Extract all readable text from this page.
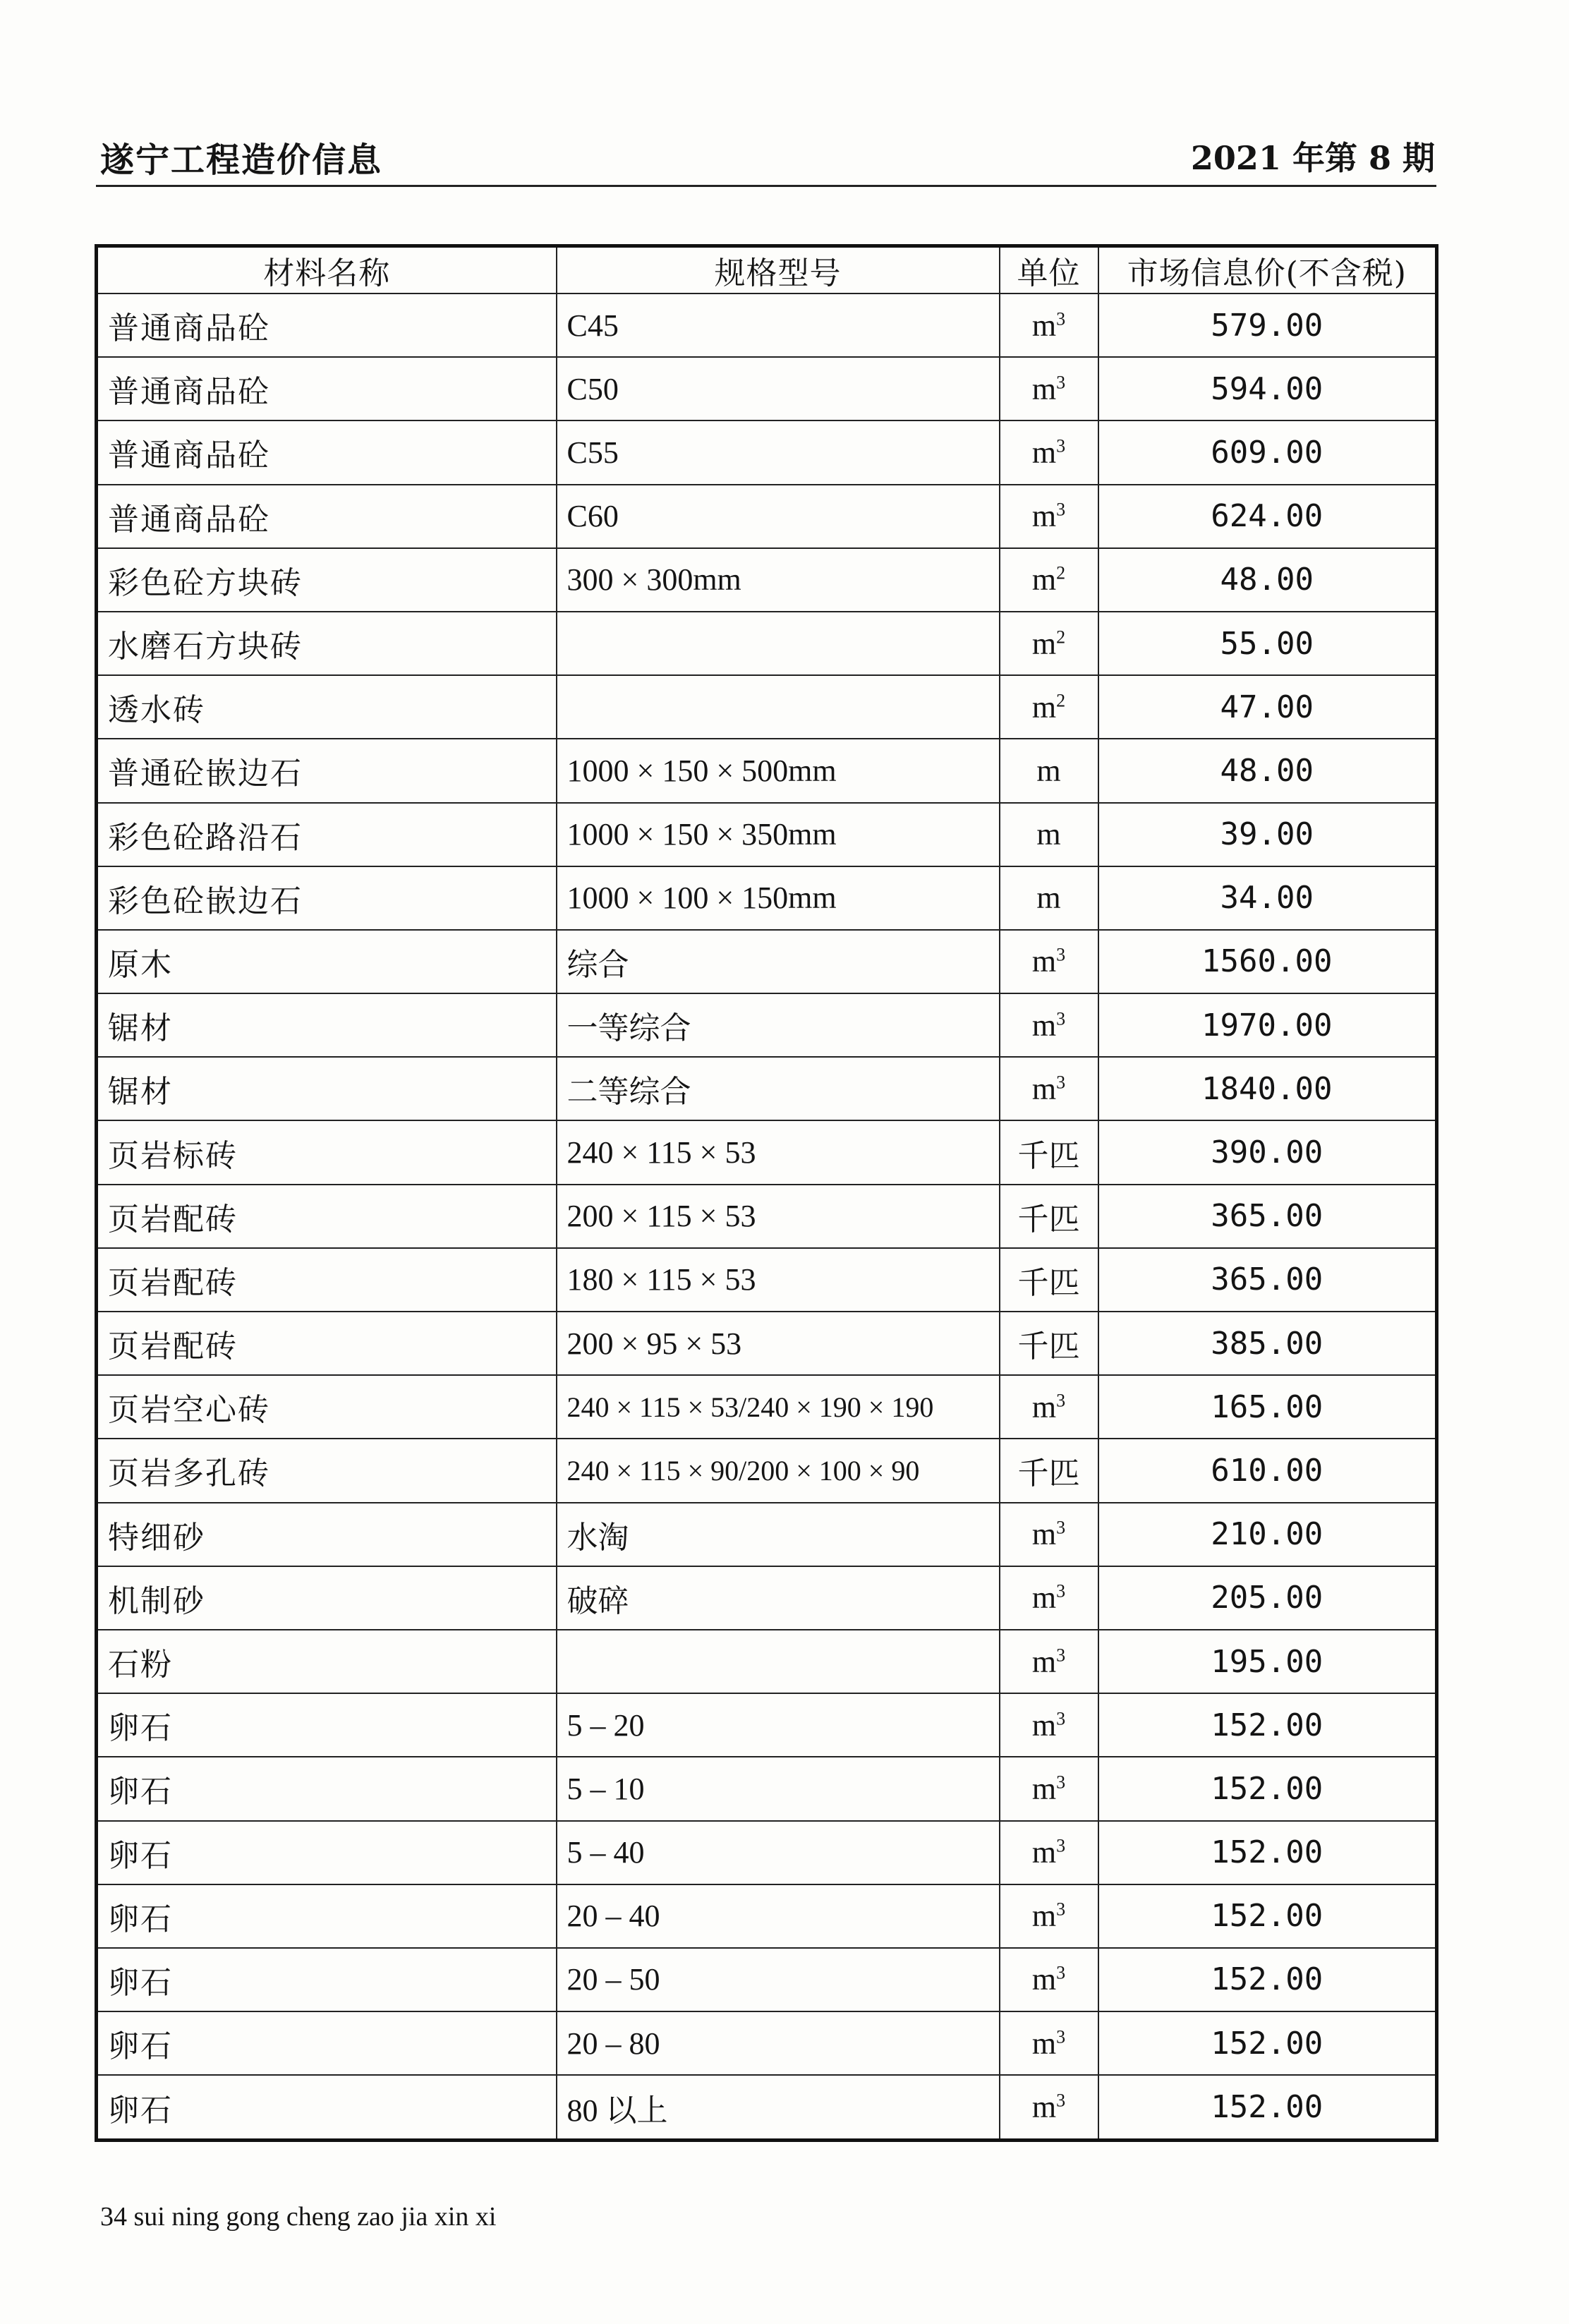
遂宁工程造价信息	2021 年第 8 期
材料名称	规格型号	单位	市场信息价(不含税)
普通商品砼	C45	$m^3$	579.00
普通商品砼	C50	$m^3$	594.00
普通商品砼	C55	$m^3$	609.00
普通商品砼	C60	$m^3$	624.00
彩色砼方块砖	300 × 300mm	$m^2$	48.00
水磨石方块砖		$m^2$	55.00
透水砖		$m^2$	47.00
普通砼嵌边石	1000 × 150 × 500mm	m	48.00
彩色砼路沿石	1000 × 150 × 350mm	m	39.00
彩色砼嵌边石	1000 × 100 × 150mm	m	34.00
原木	综合	$m^3$	1560.00
锯材	一等综合	$m^3$	1970.00
锯材	二等综合	$m^3$	1840.00
页岩标砖	240 × 115 × 53	千匹	390.00
页岩配砖	200 × 115 × 53	千匹	365.00
页岩配砖	180 × 115 × 53	千匹	365.00
页岩配砖	200 × 95 × 53	千匹	385.00
页岩空心砖	240 × 115 × 53/240 × 190 × 190	$m^3$	165.00
页岩多孔砖	240 × 115 × 90/200 × 100 × 90	千匹	610.00
特细砂	水淘	$m^3$	210.00
机制砂	破碎	$m^3$	205.00
石粉		$m^3$	195.00
卵石	5 – 20	$m^3$	152.00
卵石	5 – 10	$m^3$	152.00
卵石	5 – 40	$m^3$	152.00
卵石	20 – 40	$m^3$	152.00
卵石	20 – 50	$m^3$	152.00
卵石	20 – 80	$m^3$	152.00
卵石	80 以上	$m^3$	152.00
34 sui ning gong cheng zao jia xin xi
